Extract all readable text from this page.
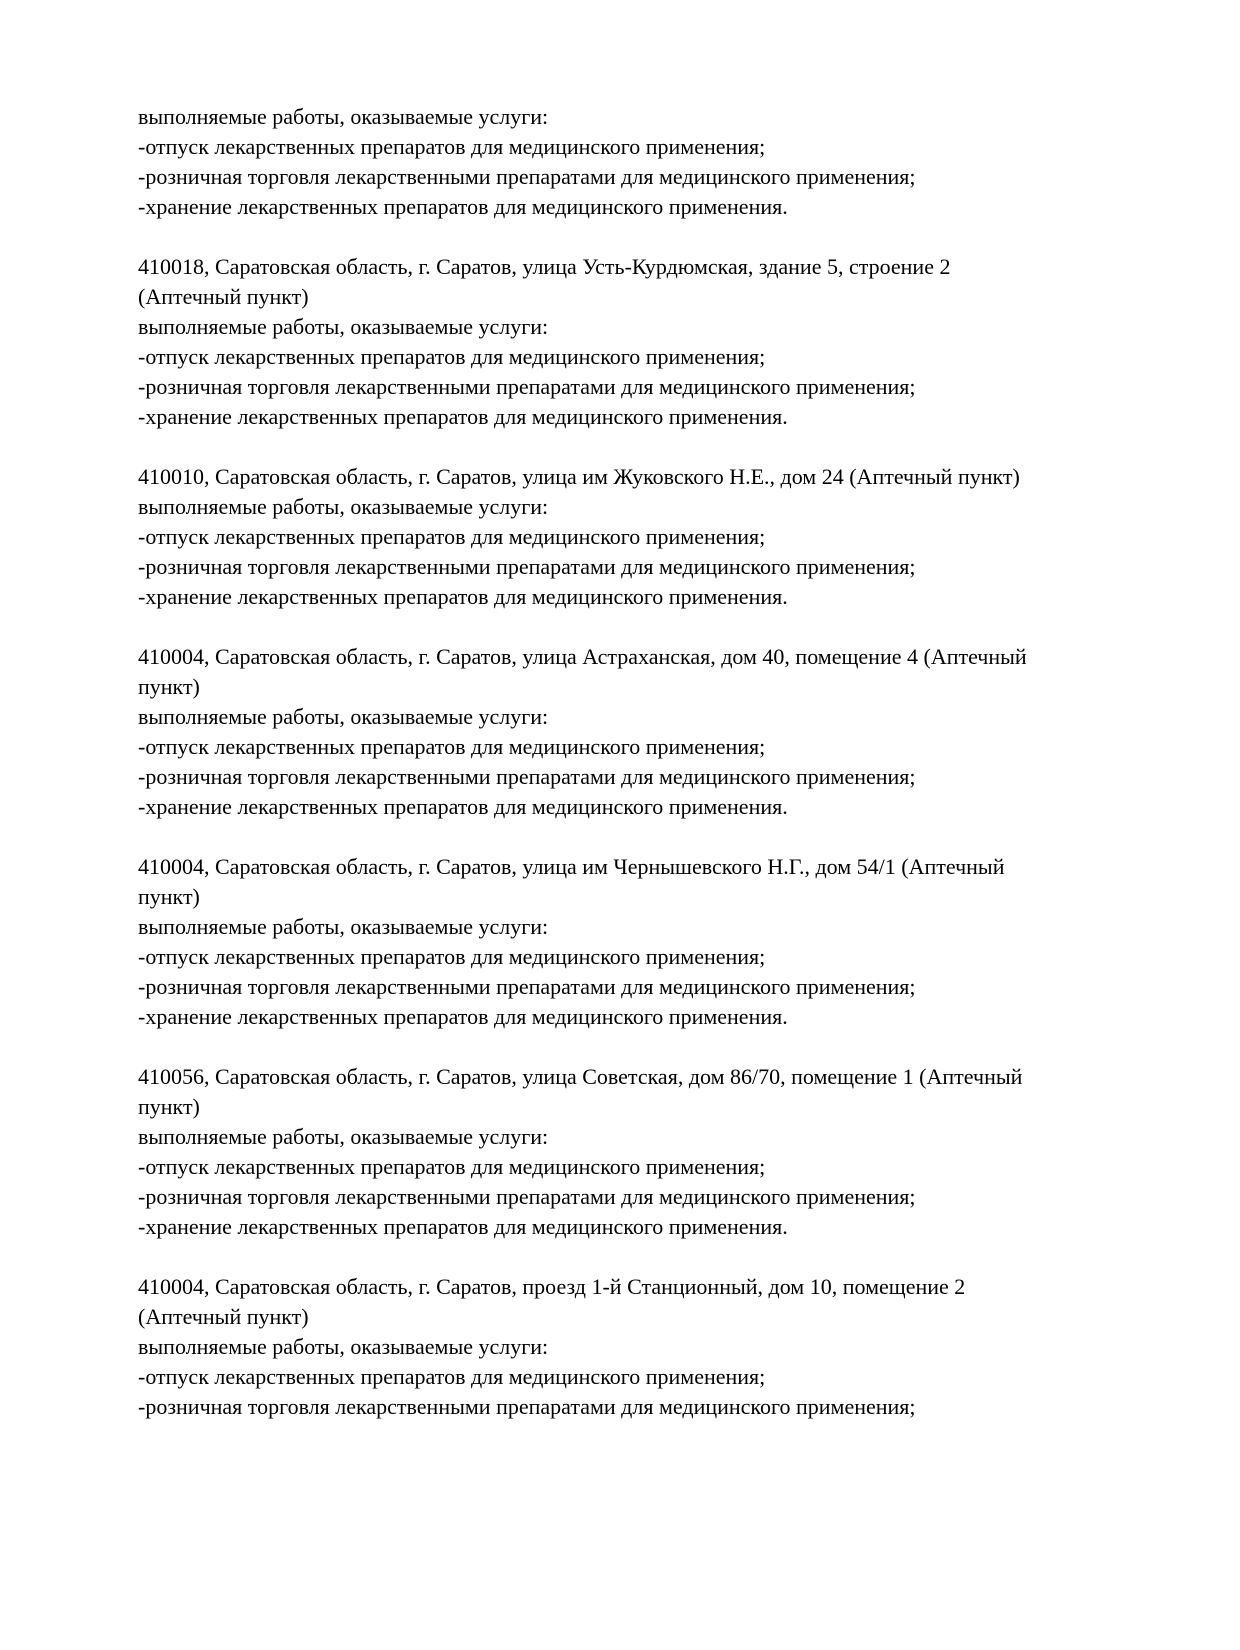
выполняемые работы, оказываемые услуги:
-отпуск лекарственных препаратов для медицинского применения;
-розничная торговля лекарственными препаратами для медицинского применения;
-хранение лекарственных препаратов для медицинского применения.
410018, Саратовская область, г. Саратов, улица Усть-Курдюмская, здание 5, строение 2
(Аптечный пункт)
выполняемые работы, оказываемые услуги:
-отпуск лекарственных препаратов для медицинского применения;
-розничная торговля лекарственными препаратами для медицинского применения;
-хранение лекарственных препаратов для медицинского применения.
410010, Саратовская область, г. Саратов, улица им Жуковского Н.Е., дом 24 (Аптечный пункт)
выполняемые работы, оказываемые услуги:
-отпуск лекарственных препаратов для медицинского применения;
-розничная торговля лекарственными препаратами для медицинского применения;
-хранение лекарственных препаратов для медицинского применения.
410004, Саратовская область, г. Саратов, улица Астраханская, дом 40, помещение 4 (Аптечный
пункт)
выполняемые работы, оказываемые услуги:
-отпуск лекарственных препаратов для медицинского применения;
-розничная торговля лекарственными препаратами для медицинского применения;
-хранение лекарственных препаратов для медицинского применения.
410004, Саратовская область, г. Саратов, улица им Чернышевского Н.Г., дом 54/1 (Аптечный
пункт)
выполняемые работы, оказываемые услуги:
-отпуск лекарственных препаратов для медицинского применения;
-розничная торговля лекарственными препаратами для медицинского применения;
-хранение лекарственных препаратов для медицинского применения.
410056, Саратовская область, г. Саратов, улица Советская, дом 86/70, помещение 1 (Аптечный
пункт)
выполняемые работы, оказываемые услуги:
-отпуск лекарственных препаратов для медицинского применения;
-розничная торговля лекарственными препаратами для медицинского применения;
-хранение лекарственных препаратов для медицинского применения.
410004, Саратовская область, г. Саратов, проезд 1-й Станционный, дом 10, помещение 2
(Аптечный пункт)
выполняемые работы, оказываемые услуги:
-отпуск лекарственных препаратов для медицинского применения;
-розничная торговля лекарственными препаратами для медицинского применения;
